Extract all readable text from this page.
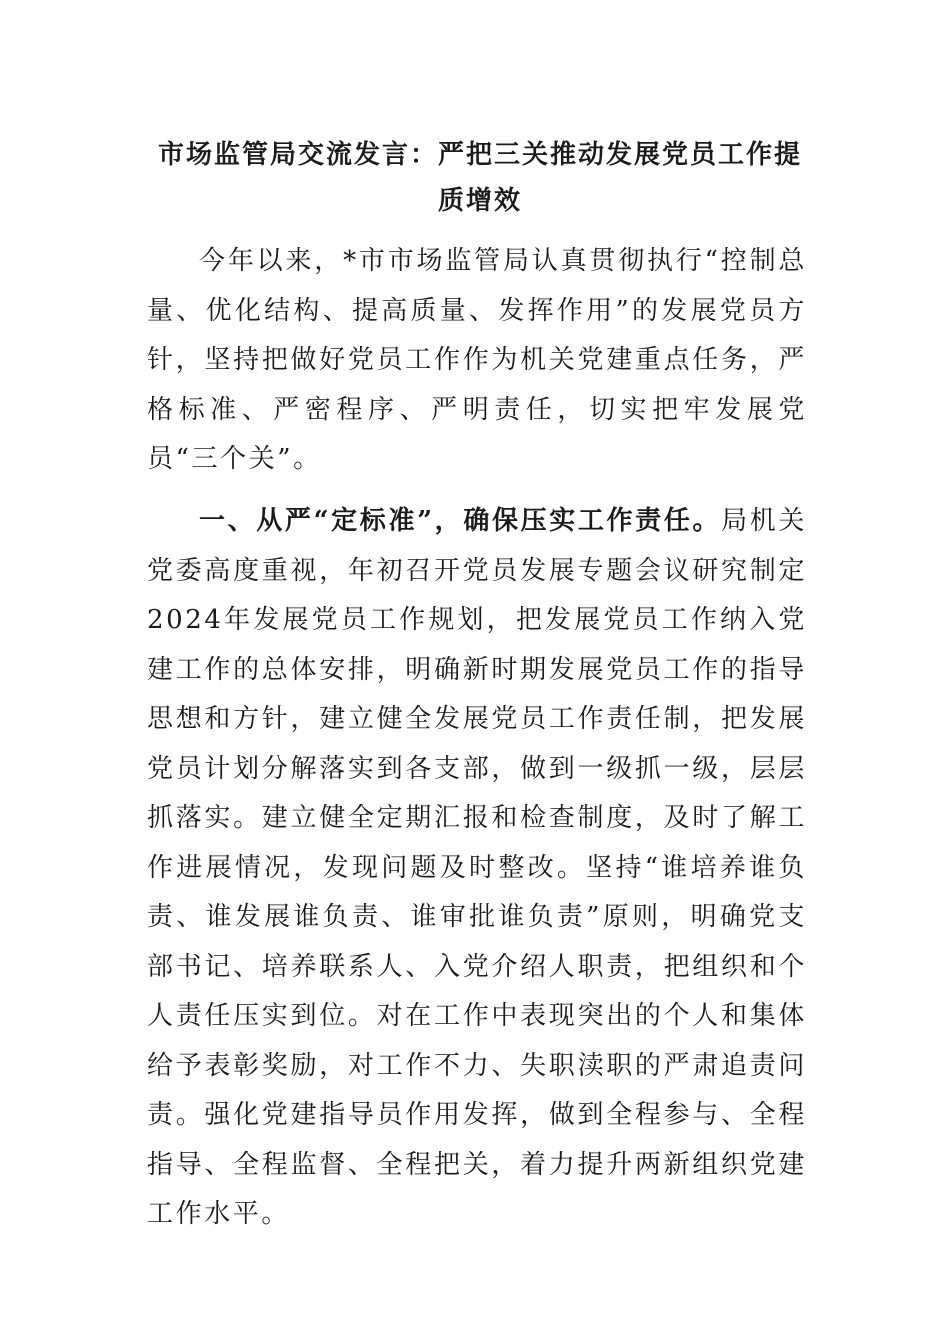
市场监管局交流发言：严把三关推动发展党员工作提质增效

今年以来，*市市场监管局认真贯彻执行“控制总量、优化结构、提高质量、发挥作用”的发展党员方针，坚持把做好党员工作作为机关党建重点任务，严格标准、严密程序、严明责任，切实把牢发展党员“三个关”。

一、从严“定标准”，确保压实工作责任。局机关党委高度重视，年初召开党员发展专题会议研究制定2024年发展党员工作规划，把发展党员工作纳入党建工作的总体安排，明确新时期发展党员工作的指导思想和方针，建立健全发展党员工作责任制，把发展党员计划分解落实到各支部，做到一级抓一级，层层抓落实。建立健全定期汇报和检查制度，及时了解工作进展情况，发现问题及时整改。坚持“谁培养谁负责、谁发展谁负责、谁审批谁负责”原则，明确党支部书记、培养联系人、入党介绍人职责，把组织和个人责任压实到位。对在工作中表现突出的个人和集体给予表彰奖励，对工作不力、失职渎职的严肃追责问责。强化党建指导员作用发挥，做到全程参与、全程指导、全程监督、全程把关，着力提升两新组织党建工作水平。
